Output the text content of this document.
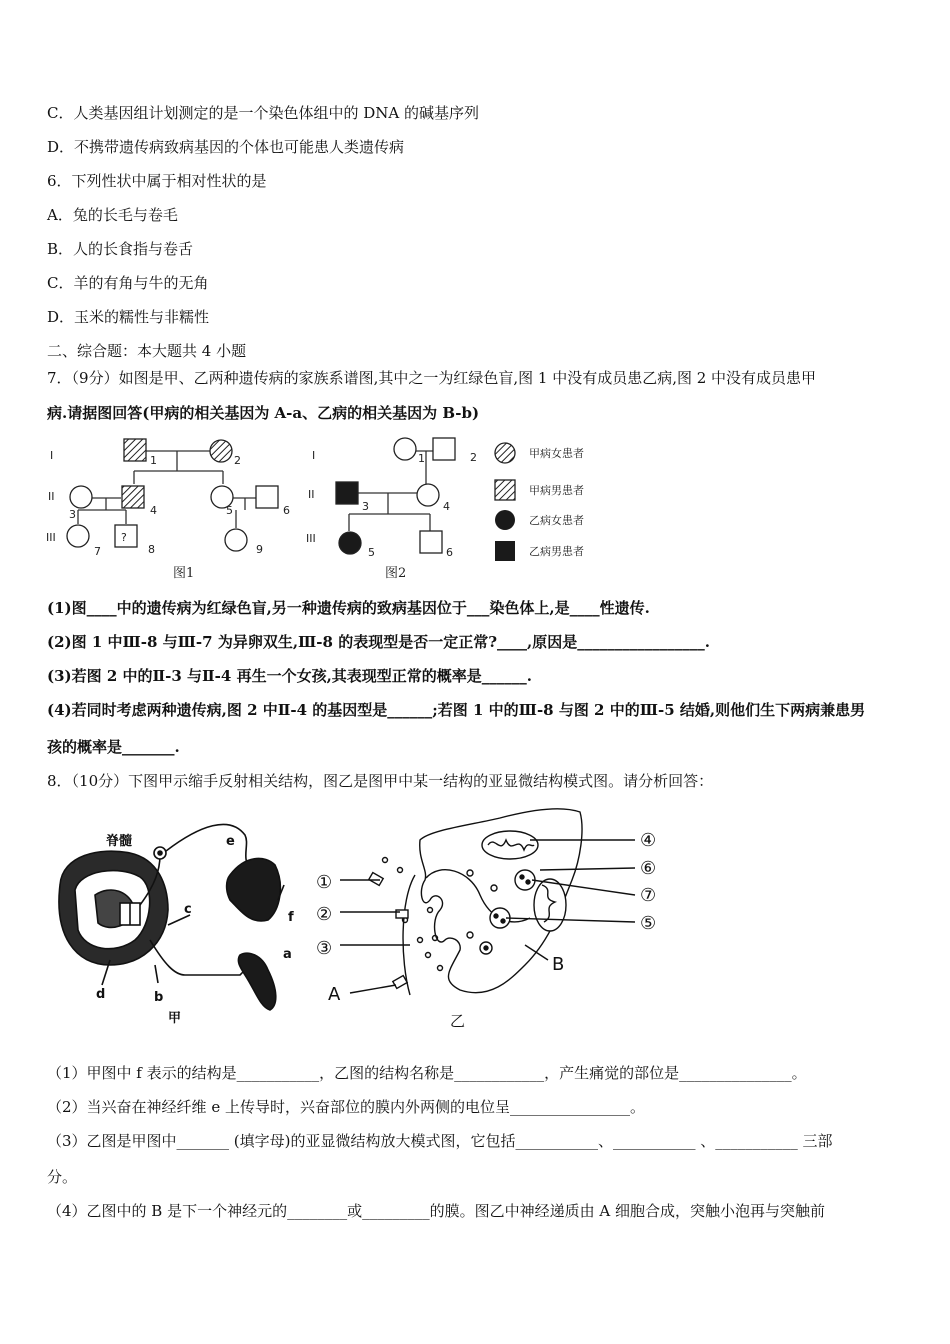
C．人类基因组计划测定的是一个染色体组中的 DNA 的碱基序列
D．不携带遗传病致病基因的个体也可能患人类遗传病
6．下列性状中属于相对性状的是
A．兔的长毛与卷毛
B．人的长食指与卷舌
C．羊的有角与牛的无角
D．玉米的糯性与非糯性
二、综合题：本大题共 4 小题
7．（9分）如图是甲、乙两种遗传病的家族系谱图,其中之一为红绿色盲,图 1 中没有成员患乙病,图 2 中没有成员患甲
病.请据图回答(甲病的相关基因为 A-a、乙病的相关基因为 B-b)
I
II
III
1	2
3	4	5	6
7	8	9
?
I
II
III
1	2
3	4
5	6
甲病女患者
甲病男患者
乙病女患者
乙病男患者
图1	图2
(1)图____中的遗传病为红绿色盲,另一种遗传病的致病基因位于___染色体上,是____性遗传.
(2)图 1 中Ⅲ-8 与Ⅲ-7 为异卵双生,Ⅲ-8 的表现型是否一定正常?____,原因是_________________.
(3)若图 2 中的Ⅱ-3 与Ⅱ-4 再生一个女孩,其表现型正常的概率是______.
(4)若同时考虑两种遗传病,图 2 中Ⅱ-4 的基因型是______;若图 1 中的Ⅲ-8 与图 2 中的Ⅲ-5 结婚,则他们生下两病兼患男
孩的概率是_______.
8．（10分）下图甲示缩手反射相关结构，图乙是图甲中某一结构的亚显微结构模式图。请分析回答：
脊髓	e
c
f
a
d	b
甲
①
②
③
A
④
⑥
⑦
⑤
B
乙
（1）甲图中 f 表示的结构是___________，乙图的结构名称是____________，产生痛觉的部位是_______________。
（2）当兴奋在神经纤维 e 上传导时，兴奋部位的膜内外两侧的电位呈________________。
（3）乙图是甲图中_______ (填字母)的亚显微结构放大模式图，它包括___________、___________ 、___________ 三部
分。
（4）乙图中的 B 是下一个神经元的________或_________的膜。图乙中神经递质由 A 细胞合成，突触小泡再与突触前
